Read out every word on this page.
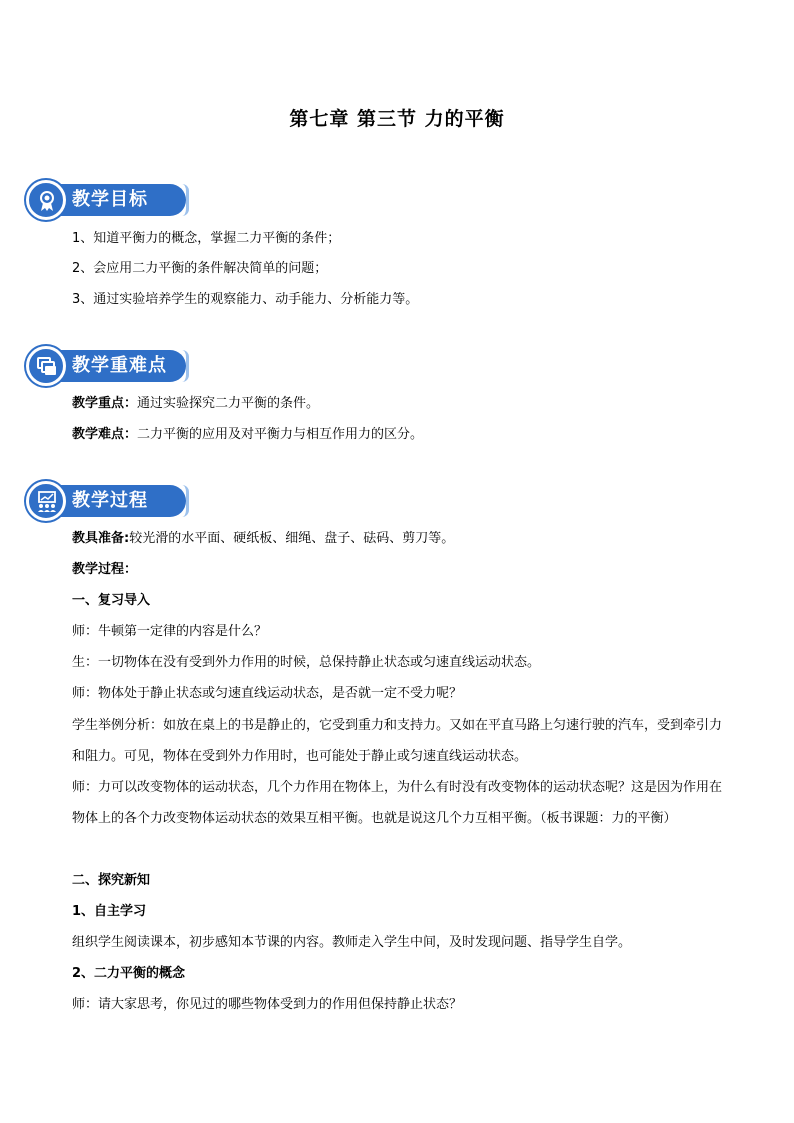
第七章 第三节 力的平衡
教学目标
1、知道平衡力的概念，掌握二力平衡的条件；
2、会应用二力平衡的条件解决简单的问题；
3、通过实验培养学生的观察能力、动手能力、分析能力等。
教学重难点
教学重点：通过实验探究二力平衡的条件。
教学难点：二力平衡的应用及对平衡力与相互作用力的区分。
教学过程
教具准备:较光滑的水平面、硬纸板、细绳、盘子、砝码、剪刀等。
教学过程：
一、复习导入
师：牛顿第一定律的内容是什么？
生：一切物体在没有受到外力作用的时候，总保持静止状态或匀速直线运动状态。
师：物体处于静止状态或匀速直线运动状态，是否就一定不受力呢？
学生举例分析：如放在桌上的书是静止的，它受到重力和支持力。又如在平直马路上匀速行驶的汽车，受到牵引力和阻力。可见，物体在受到外力作用时，也可能处于静止或匀速直线运动状态。
师：力可以改变物体的运动状态，几个力作用在物体上，为什么有时没有改变物体的运动状态呢？这是因为作用在物体上的各个力改变物体运动状态的效果互相平衡。也就是说这几个力互相平衡。（板书课题：力的平衡）
二、探究新知
1、自主学习
组织学生阅读课本，初步感知本节课的内容。教师走入学生中间，及时发现问题、指导学生自学。
2、二力平衡的概念
师：请大家思考，你见过的哪些物体受到力的作用但保持静止状态？
